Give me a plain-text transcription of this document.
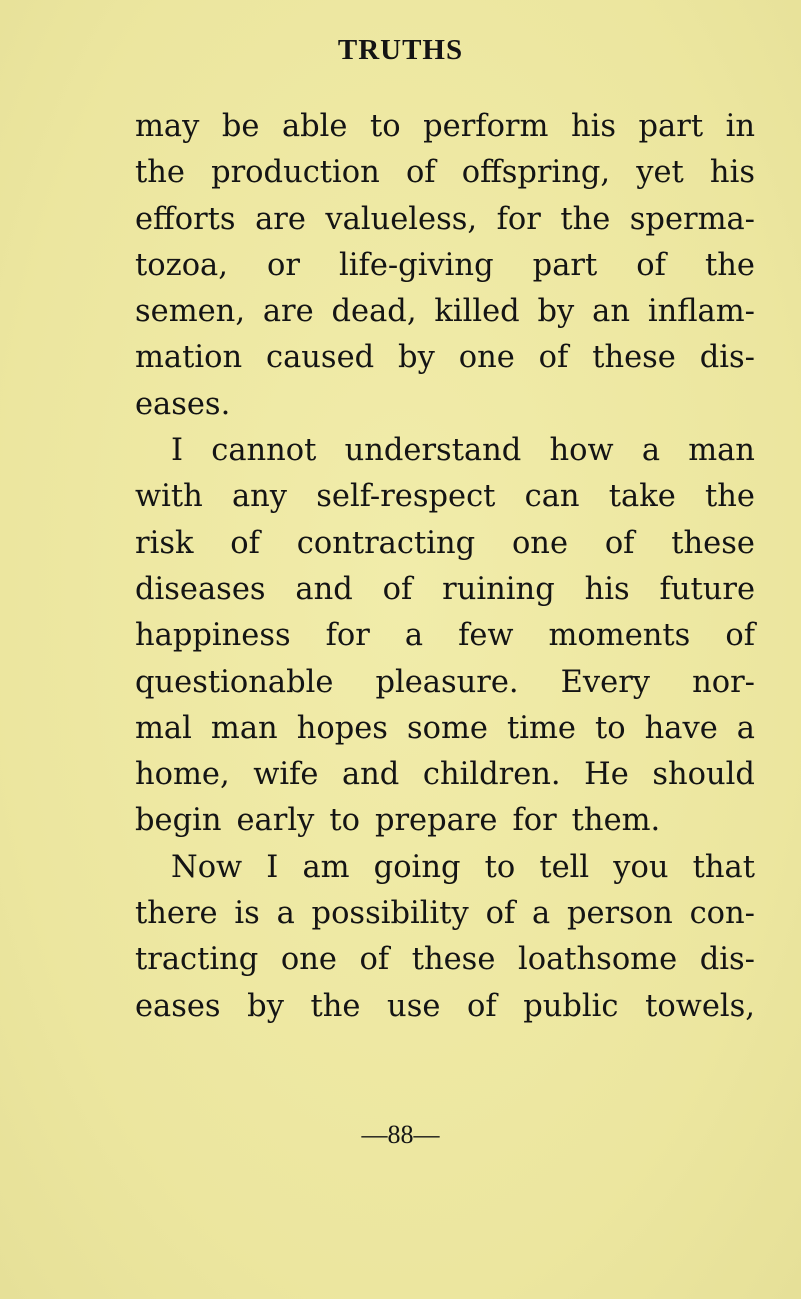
TRUTHS
may be able to perform his part in
the production of offspring, yet his
efforts are valueless, for the sperma-
tozoa, or life-giving part of the
semen, are dead, killed by an inflam-
mation caused by one of these dis-
eases.
I cannot understand how a man
with any self-respect can take the
risk of contracting one of these
diseases and of ruining his future
happiness for a few moments of
questionable pleasure. Every nor-
mal man hopes some time to have a
home, wife and children. He should
begin early to prepare for them.
Now I am going to tell you that
there is a possibility of a person con-
tracting one of these loathsome dis-
eases by the use of public towels,
—88—
